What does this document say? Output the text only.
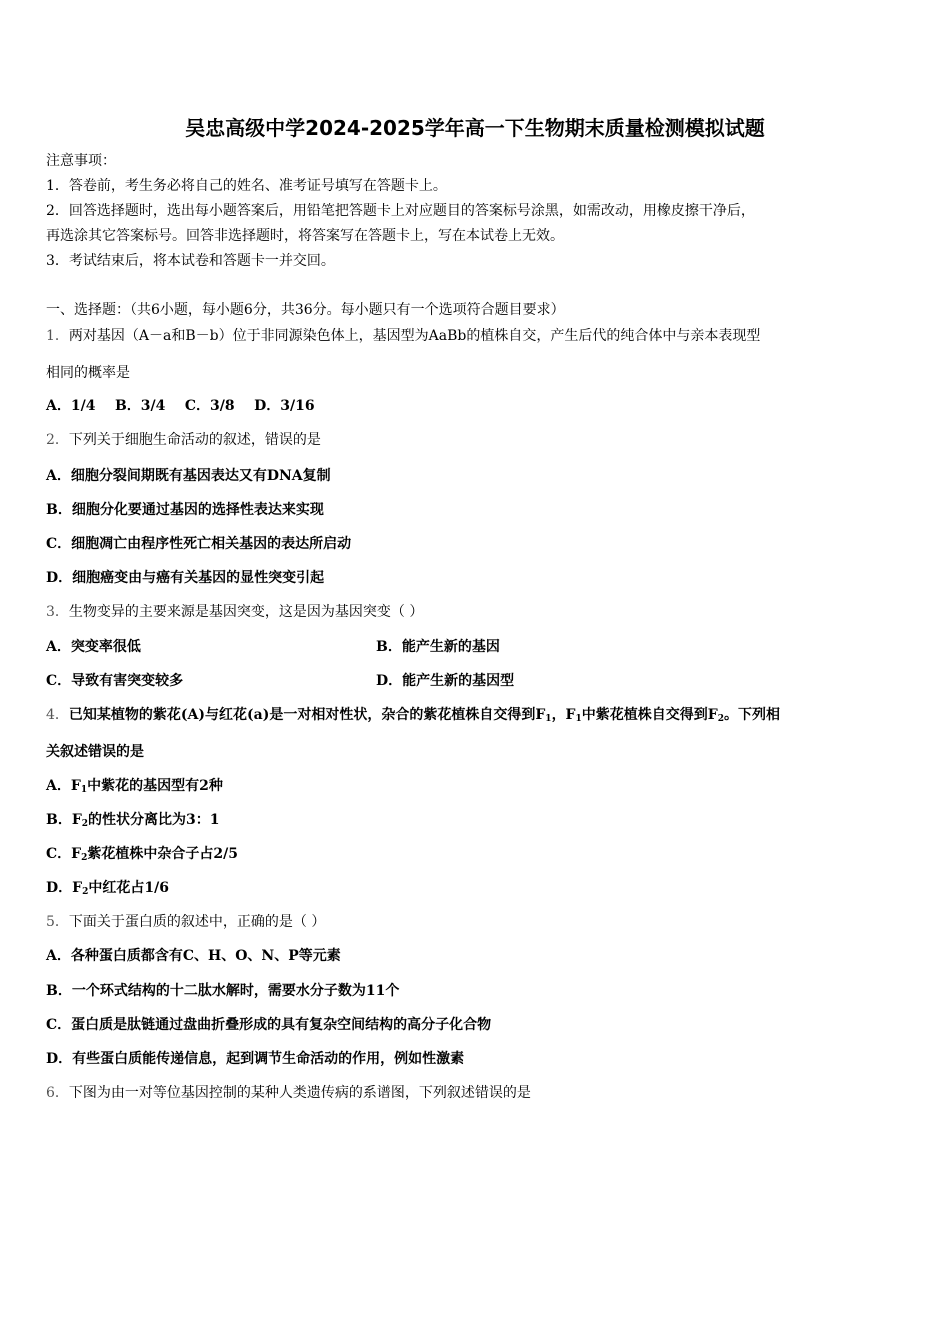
吴忠高级中学2024-2025学年高一下生物期末质量检测模拟试题
注意事项：
1．答卷前，考生务必将自己的姓名、准考证号填写在答题卡上。
2．回答选择题时，选出每小题答案后，用铅笔把答题卡上对应题目的答案标号涂黑，如需改动，用橡皮擦干净后，
再选涂其它答案标号。回答非选择题时，将答案写在答题卡上，写在本试卷上无效。
3．考试结束后，将本试卷和答题卡一并交回。
一、选择题：（共6小题，每小题6分，共36分。每小题只有一个选项符合题目要求）
1．两对基因（A－a和B－b）位于非同源染色体上，基因型为AaBb的植株自交，产生后代的纯合体中与亲本表现型
相同的概率是
A．1/4    B．3/4    C．3/8    D．3/16
2．下列关于细胞生命活动的叙述，错误的是
A．细胞分裂间期既有基因表达又有DNA复制
B．细胞分化要通过基因的选择性表达来实现
C．细胞凋亡由程序性死亡相关基因的表达所启动
D．细胞癌变由与癌有关基因的显性突变引起
3．生物变异的主要来源是基因突变，这是因为基因突变（ ）
A．突变率很低	B．能产生新的基因
C．导致有害突变较多	D．能产生新的基因型
4．已知某植物的紫花(A)与红花(a)是一对相对性状，杂合的紫花植株自交得到$F_1$，$F_1$中紫花植株自交得到$F_2$。下列相
关叙述错误的是
A．$F_1$中紫花的基因型有2种
B．$F_2$的性状分离比为3：1
C．$F_2$紫花植株中杂合子占2/5
D．$F_2$中红花占1/6
5．下面关于蛋白质的叙述中，正确的是（ ）
A．各种蛋白质都含有C、H、O、N、P等元素
B．一个环式结构的十二肽水解时，需要水分子数为11个
C．蛋白质是肽链通过盘曲折叠形成的具有复杂空间结构的高分子化合物
D．有些蛋白质能传递信息，起到调节生命活动的作用，例如性激素
6．下图为由一对等位基因控制的某种人类遗传病的系谱图，下列叙述错误的是
